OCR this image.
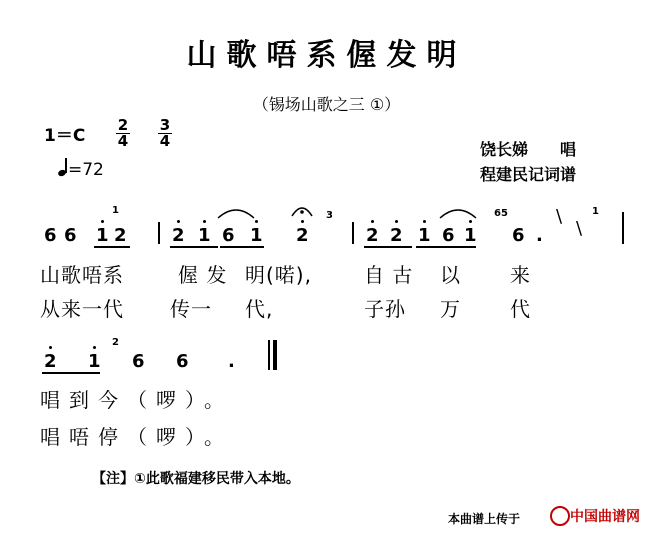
山歌唔系偓发明
（锡场山歌之三 ①）
1＝C
2
4
3
4
=72
饶长娣　　唱
程建民记词谱
6 6 1 2
1
2 1 6 1 2
3
2 2 1 6 1
65
6 .
\
\
1
山歌唔系	偓 发 明(喏),	自 古 以 来
从来一代 传一 代,	子孙 万 代
2 1
2
6 6 .
唱到今（啰）。
唱唔停（啰）。
【注】①此歌福建移民带入本地。
本曲谱上传于	中国曲谱网
